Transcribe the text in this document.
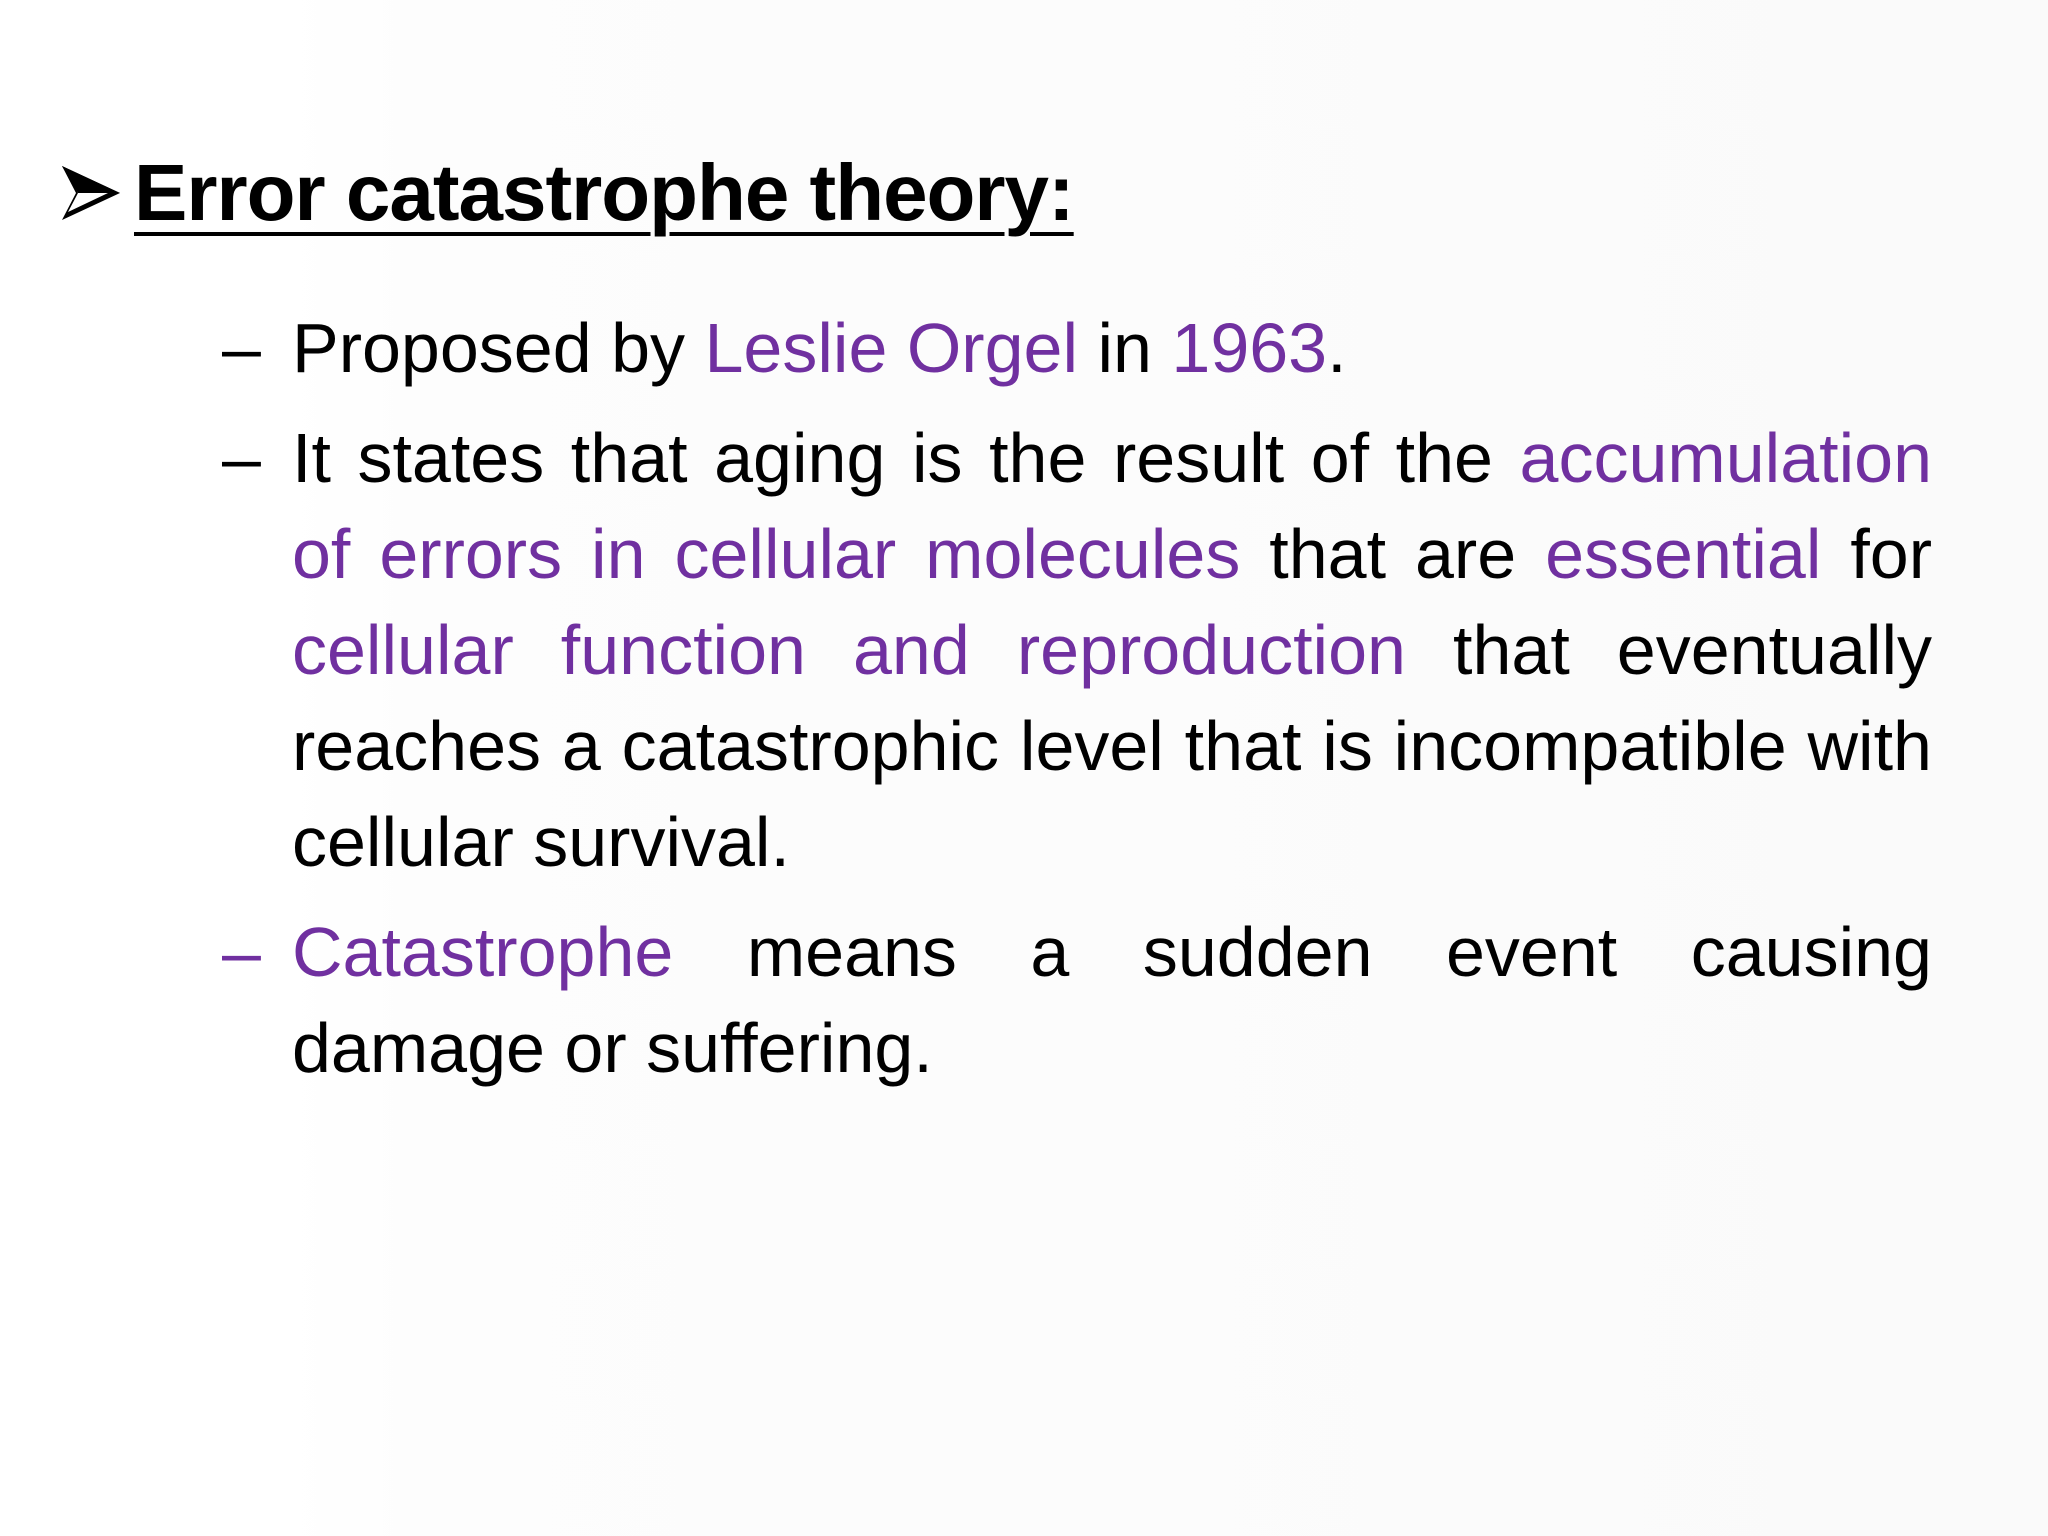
Error catastrophe theory:
– Proposed by Leslie Orgel in 1963.
– It states that aging is the result of the accumulation of errors in cellular molecules that are essential for cellular function and reproduction that eventually reaches a catastrophic level that is incompatible with cellular survival.
– Catastrophe means a sudden event causing damage or suffering.
